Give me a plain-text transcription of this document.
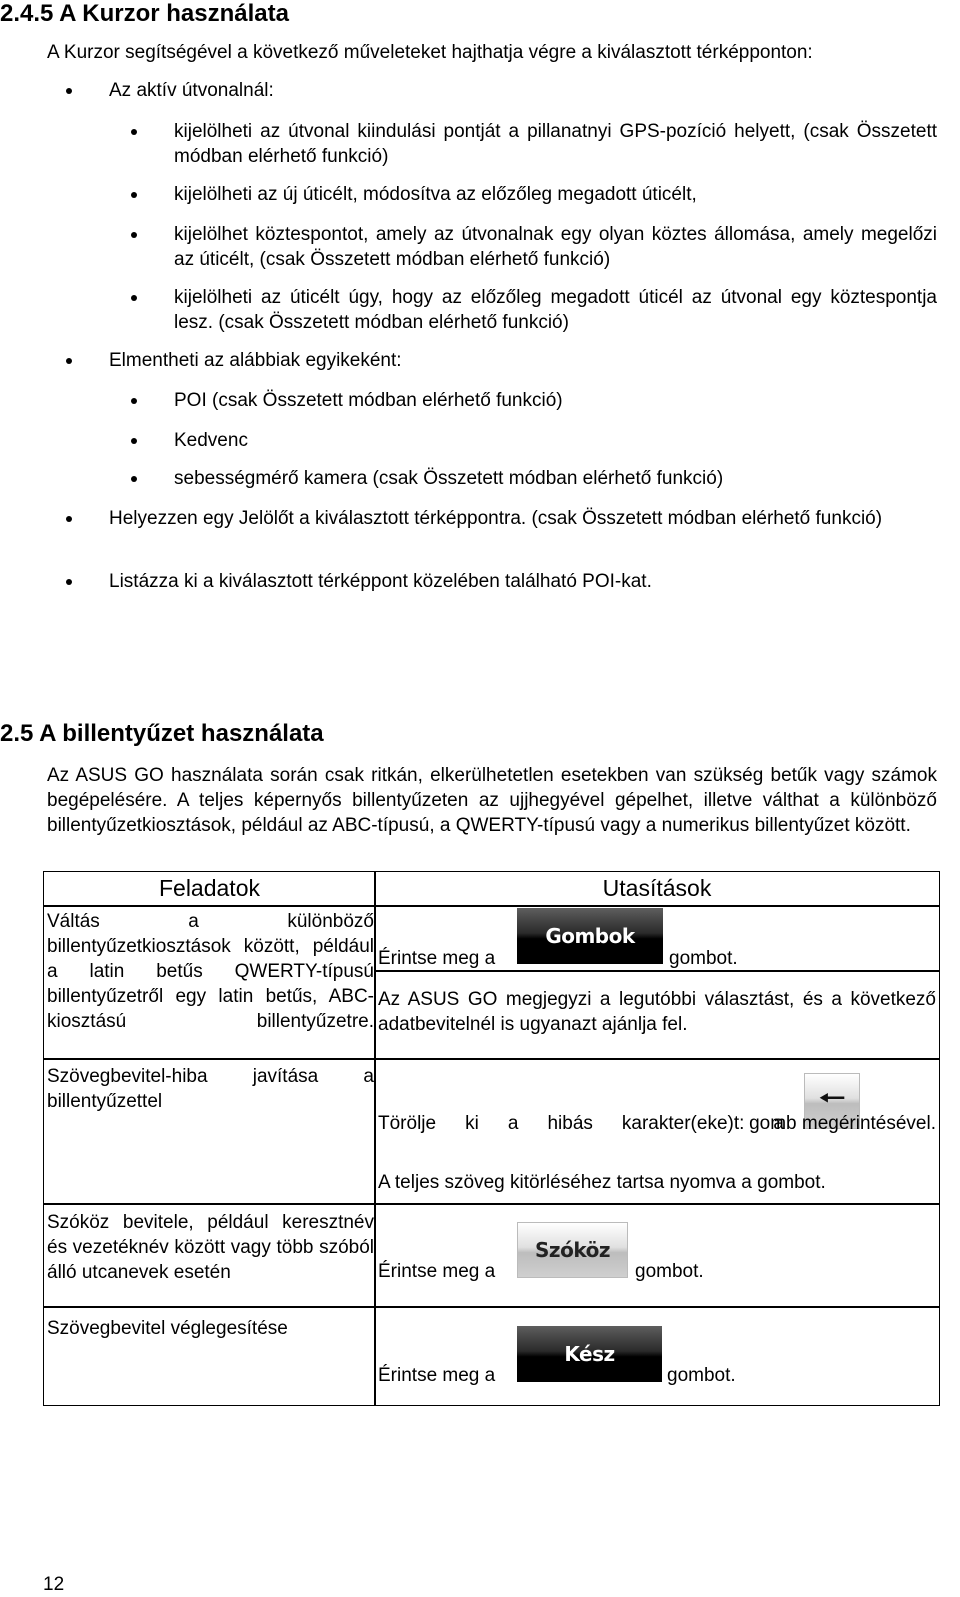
2.4.5 A Kurzor használata
A Kurzor segítségével a következő műveleteket hajthatja végre a kiválasztott térképponton:
Az aktív útvonalnál:
kijelölheti az útvonal kiindulási pontját a pillanatnyi GPS-pozíció helyett, (csak Összetett módban elérhető funkció)
kijelölheti az új úticélt, módosítva az előzőleg megadott úticélt,
kijelölhet köztespontot, amely az útvonalnak egy olyan köztes állomása, amely megelőzi az úticélt, (csak Összetett módban elérhető funkció)
kijelölheti az úticélt úgy, hogy az előzőleg megadott úticél az útvonal egy köztespontja lesz. (csak Összetett módban elérhető funkció)
Elmentheti az alábbiak egyikeként:
POI (csak Összetett módban elérhető funkció)
Kedvenc
sebességmérő kamera (csak Összetett módban elérhető funkció)
Helyezzen egy Jelölőt a kiválasztott térképpontra. (csak Összetett módban elérhető funkció)
Listázza ki a kiválasztott térképpont közelében található POI-kat.
2.5 A billentyűzet használata
Az ASUS GO használata során csak ritkán, elkerülhetetlen esetekben van szükség betűk vagy számok begépelésére. A teljes képernyős billentyűzeten az ujjhegyével gépelhet, illetve válthat a különböző billentyűzetkiosztások, például az ABC-típusú, a QWERTY-típusú vagy a numerikus billentyűzet között.
Feladatok	Utasítások
Váltás a különböző billentyűzetkiosztások között, például a latin betűs QWERTY-típusú billentyűzetről egy latin betűs, ABC-kiosztású billentyűzetre.
Érintse meg a
Gombok
gombot.
Az ASUS GO megjegyzi a legutóbbi választást, és a következő adatbevitelnél is ugyanazt ajánlja fel.
Szövegbevitel-hiba javítása a billentyűzettel
Törölje ki a hibás karakter(eke)t: a
🠐
gomb megérintésével.
A teljes szöveg kitörléséhez tartsa nyomva a gombot.
Szóköz bevitele, például keresztnév és vezetéknév között vagy több szóból álló utcanevek esetén	Érintse meg a
Szóköz
gombot.
Szövegbevitel véglegesítése
Érintse meg a
Kész
gombot.
12
